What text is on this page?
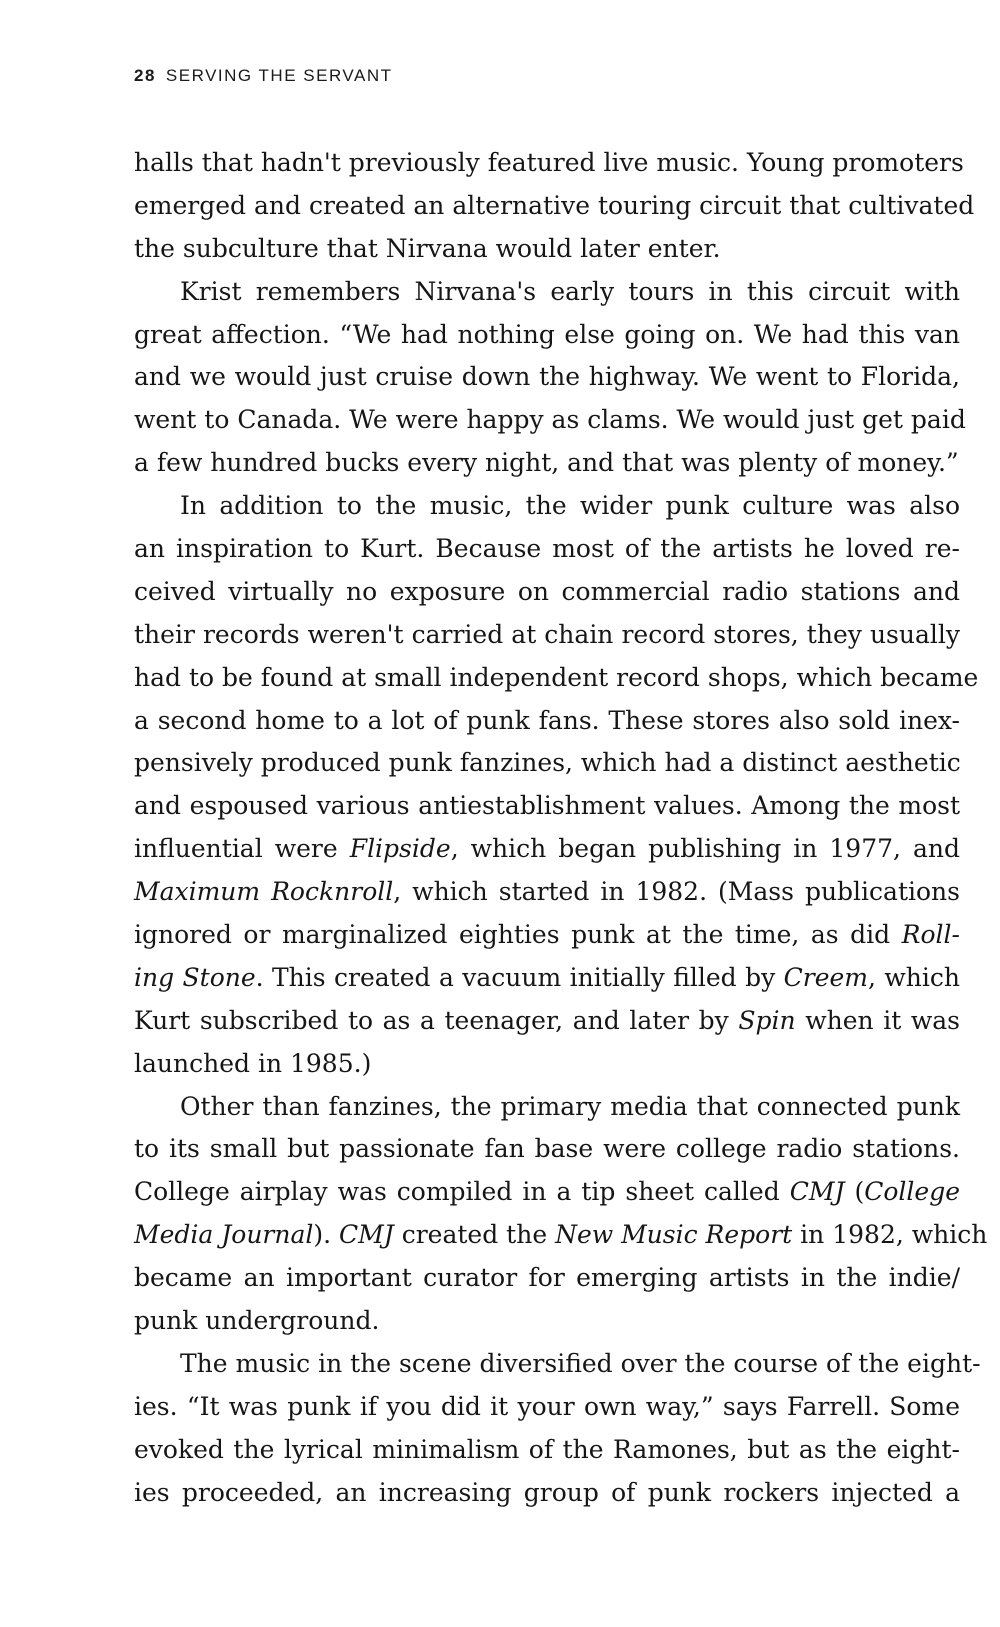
28 SERVING THE SERVANT
halls that hadn't previously featured live music. Young promoters
emerged and created an alternative touring circuit that cultivated
the subculture that Nirvana would later enter.
Krist remembers Nirvana's early tours in this circuit with
great affection. “We had nothing else going on. We had this van
and we would just cruise down the highway. We went to Florida,
went to Canada. We were happy as clams. We would just get paid
a few hundred bucks every night, and that was plenty of money.”
In addition to the music, the wider punk culture was also
an inspiration to Kurt. Because most of the artists he loved re-
ceived virtually no exposure on commercial radio stations and
their records weren't carried at chain record stores, they usually
had to be found at small independent record shops, which became
a second home to a lot of punk fans. These stores also sold inex-
pensively produced punk fanzines, which had a distinct aesthetic
and espoused various antiestablishment values. Among the most
influential were Flipside, which began publishing in 1977, and
Maximum Rocknroll, which started in 1982. (Mass publications
ignored or marginalized eighties punk at the time, as did Roll-
ing Stone. This created a vacuum initially filled by Creem, which
Kurt subscribed to as a teenager, and later by Spin when it was
launched in 1985.)
Other than fanzines, the primary media that connected punk
to its small but passionate fan base were college radio stations.
College airplay was compiled in a tip sheet called CMJ (College
Media Journal). CMJ created the New Music Report in 1982, which
became an important curator for emerging artists in the indie/
punk underground.
The music in the scene diversified over the course of the eight-
ies. “It was punk if you did it your own way,” says Farrell. Some
evoked the lyrical minimalism of the Ramones, but as the eight-
ies proceeded, an increasing group of punk rockers injected a
